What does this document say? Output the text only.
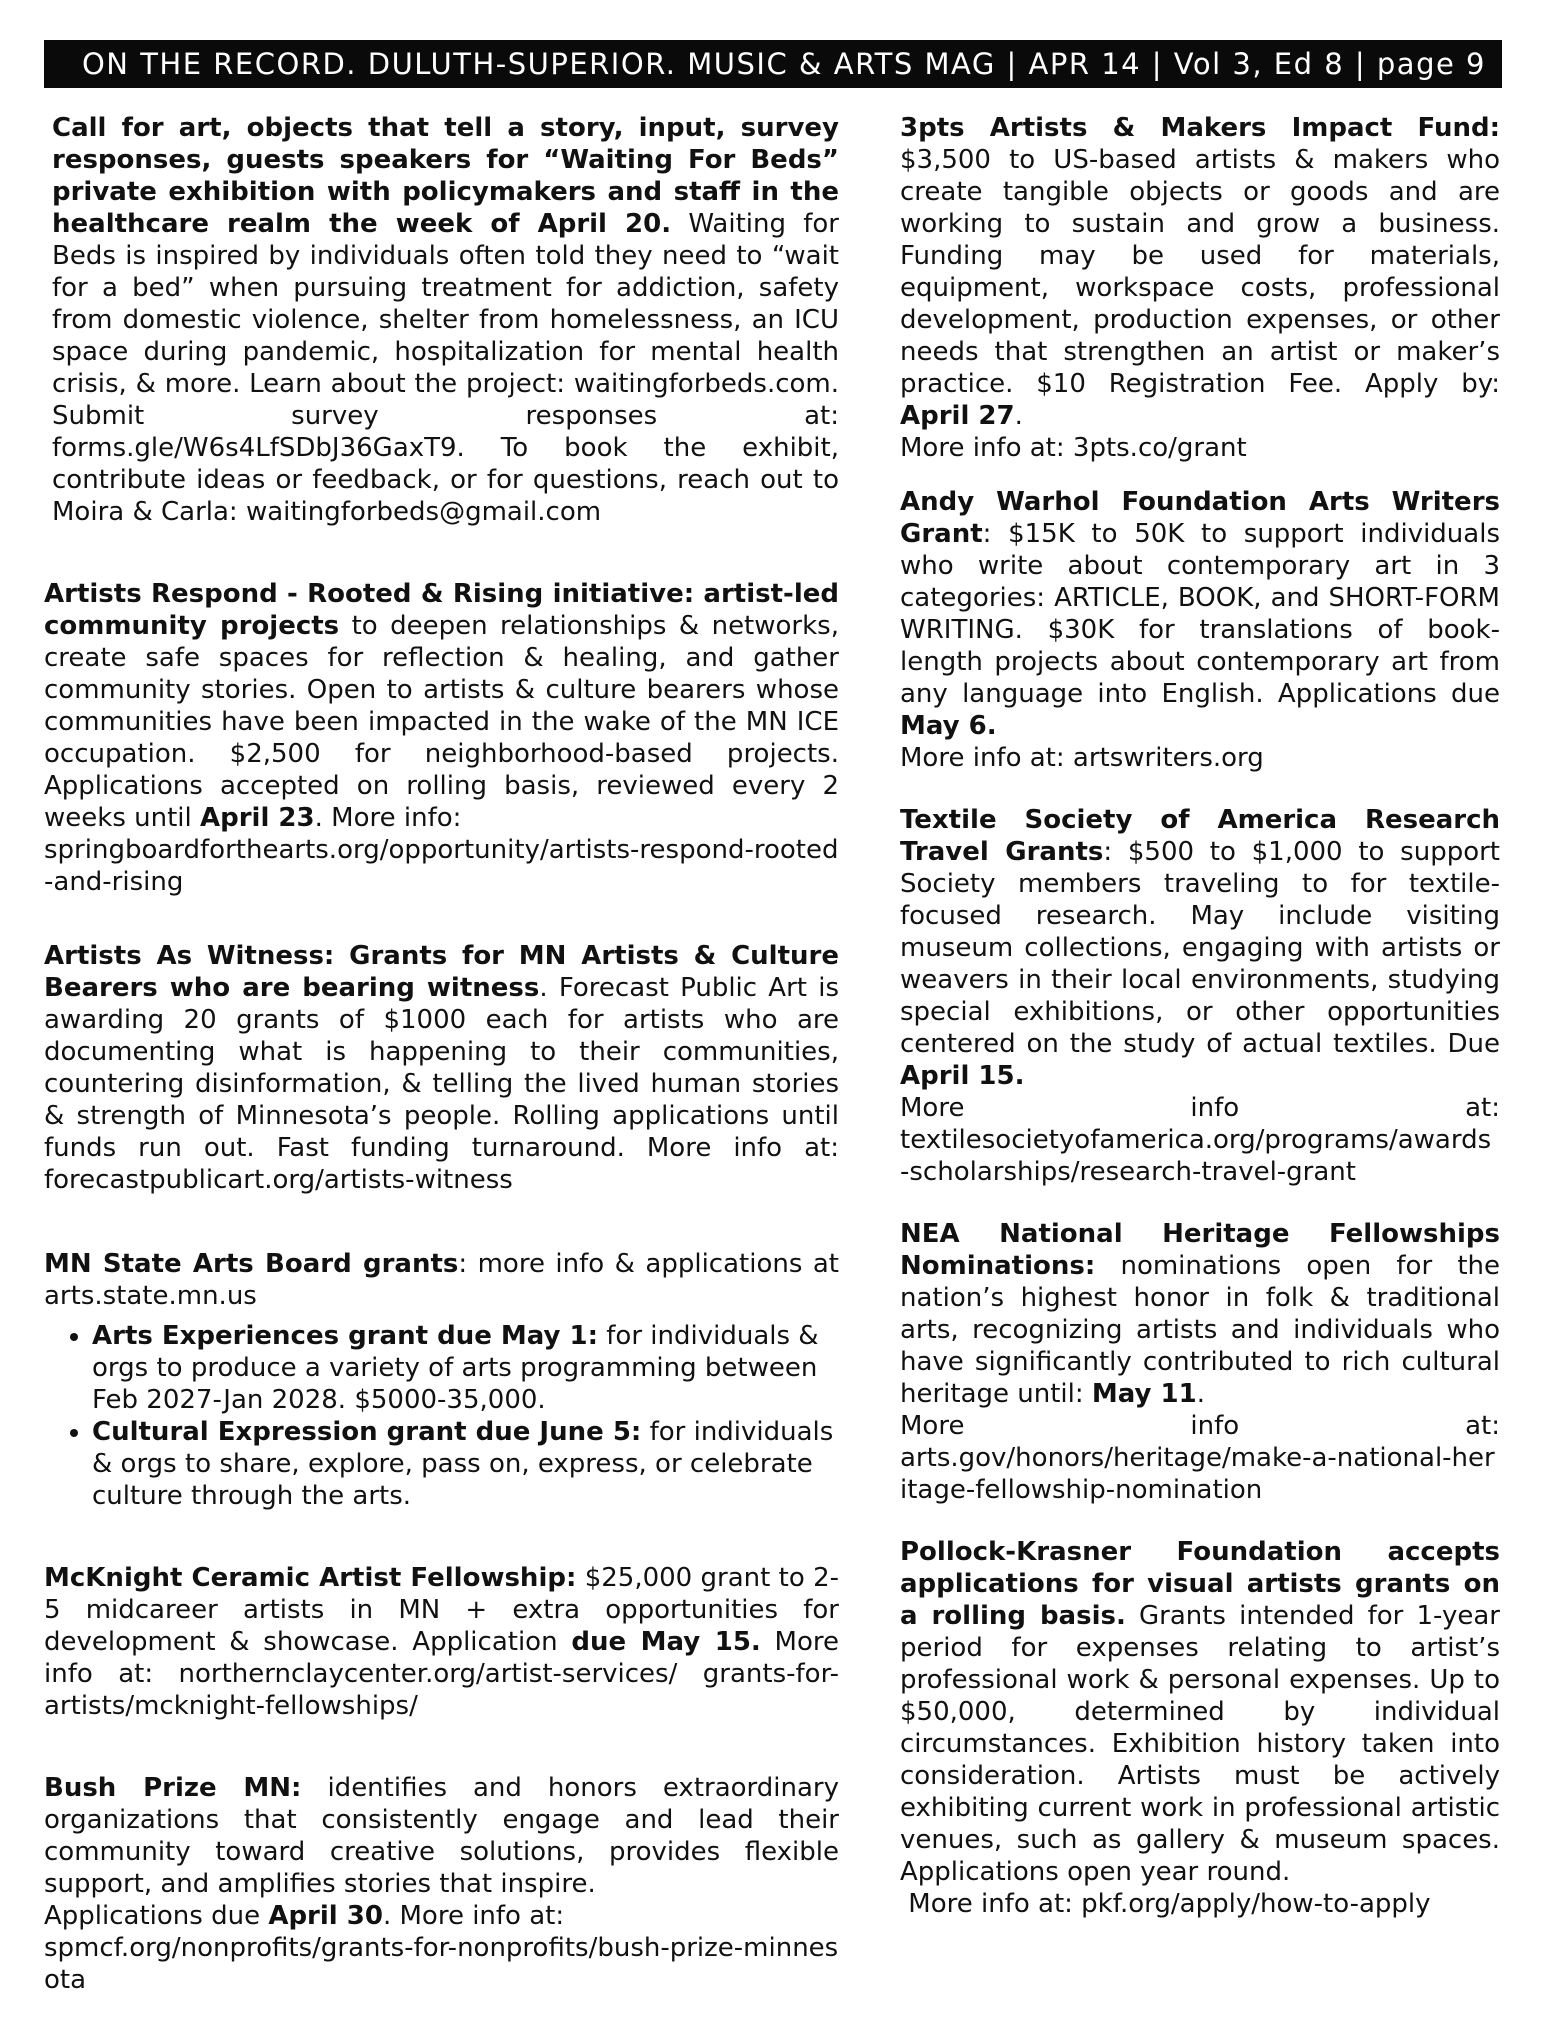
ON THE RECORD. DULUTH-SUPERIOR. MUSIC & ARTS MAG | APR 14 | Vol 3, Ed 8 | page 9

Call for art, objects that tell a story, input, survey responses, guests speakers for “Waiting For Beds” private exhibition with policymakers and staff in the healthcare realm the week of April 20. Waiting for Beds is inspired by individuals often told they need to “wait for a bed” when pursuing treatment for addiction, safety from domestic violence, shelter from homelessness, an ICU space during pandemic, hospitalization for mental health crisis, & more. Learn about the project: waitingforbeds.com. Submit survey responses at: forms.gle/W6s4LfSDbJ36GaxT9. To book the exhibit, contribute ideas or feedback, or for questions, reach out to Moira & Carla: waitingforbeds@gmail.com

Artists Respond - Rooted & Rising initiative: artist-led community projects to deepen relationships & networks, create safe spaces for reflection & healing, and gather community stories. Open to artists & culture bearers whose communities have been impacted in the wake of the MN ICE occupation. $2,500 for neighborhood-based projects. Applications accepted on rolling basis, reviewed every 2 weeks until April 23. More info:

springboardforthearts.org/opportunity/artists-respond-rooted-and-rising

Artists As Witness: Grants for MN Artists & Culture Bearers who are bearing witness. Forecast Public Art is awarding 20 grants of $1000 each for artists who are documenting what is happening to their communities, countering disinformation, & telling the lived human stories & strength of Minnesota’s people. Rolling applications until funds run out. Fast funding turnaround. More info at: forecastpublicart.org/artists-witness

MN State Arts Board grants: more info & applications at arts.state.mn.us

• Arts Experiences grant due May 1: for individuals & orgs to produce a variety of arts programming between Feb 2027-Jan 2028. $5000-35,000.
• Cultural Expression grant due June 5: for individuals & orgs to share, explore, pass on, express, or celebrate culture through the arts.

McKnight Ceramic Artist Fellowship: $25,000 grant to 2-5 midcareer artists in MN + extra opportunities for development & showcase. Application due May 15. More info at: northernclaycenter.org/artist-services/ grants-for-artists/mcknight-fellowships/

Bush Prize MN: identifies and honors extraordinary organizations that consistently engage and lead their community toward creative solutions, provides flexible support, and amplifies stories that inspire.

Applications due April 30. More info at:

spmcf.org/nonprofits/grants-for-nonprofits/bush-prize-minnesota

3pts Artists & Makers Impact Fund: $3,500 to US-based artists & makers who create tangible objects or goods and are working to sustain and grow a business. Funding may be used for materials, equipment, workspace costs, professional development, production expenses, or other needs that strengthen an artist or maker’s practice. $10 Registration Fee. Apply by: April 27.

More info at: 3pts.co/grant

Andy Warhol Foundation Arts Writers Grant: $15K to 50K to support individuals who write about contemporary art in 3 categories: ARTICLE, BOOK, and SHORT-FORM WRITING. $30K for translations of book-length projects about contemporary art from any language into English. Applications due May 6.

More info at: artswriters.org

Textile Society of America Research Travel Grants: $500 to $1,000 to support Society members traveling to for textile-focused research. May include visiting museum collections, engaging with artists or weavers in their local environments, studying special exhibitions, or other opportunities centered on the study of actual textiles. Due April 15.

More info at:

textilesocietyofamerica.org/programs/awards-scholarships/research-travel-grant

NEA National Heritage Fellowships Nominations: nominations open for the nation’s highest honor in folk & traditional arts, recognizing artists and individuals who have significantly contributed to rich cultural heritage until: May 11.

More info at:

arts.gov/honors/heritage/make-a-national-heritage-fellowship-nomination

Pollock-Krasner Foundation accepts applications for visual artists grants on a rolling basis. Grants intended for 1-year period for expenses relating to artist’s professional work & personal expenses. Up to $50,000, determined by individual circumstances. Exhibition history taken into consideration. Artists must be actively exhibiting current work in professional artistic venues, such as gallery & museum spaces. Applications open year round.

More info at: pkf.org/apply/how-to-apply
